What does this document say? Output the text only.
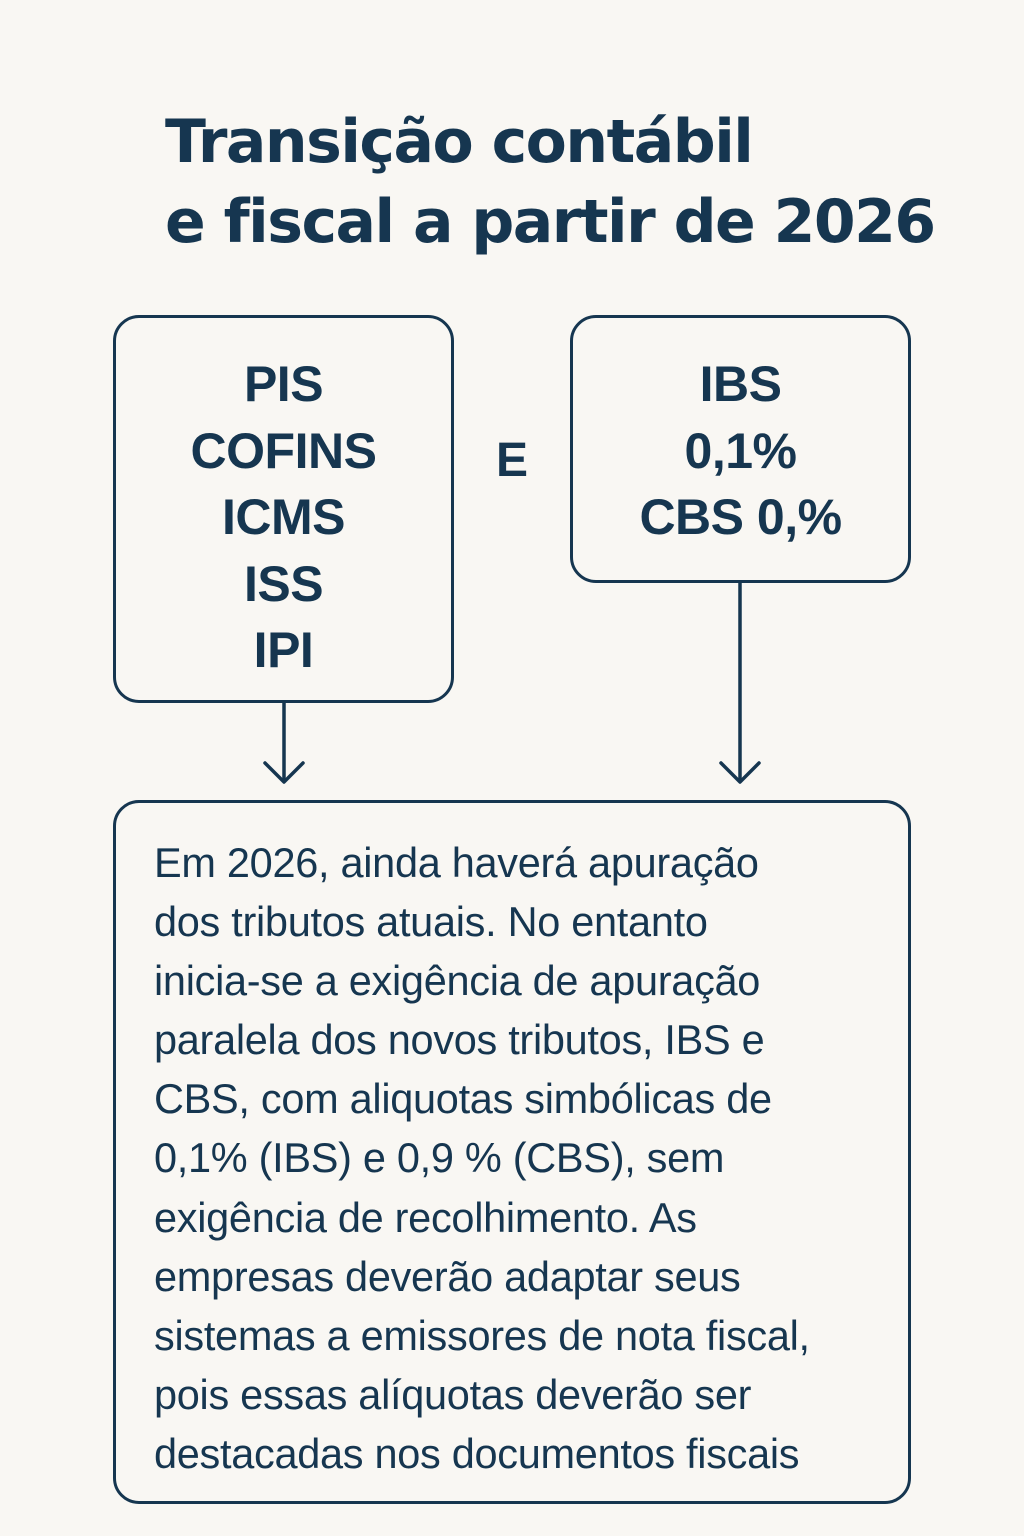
Transição contábil
e fiscal a partir de 2026
PIS
COFINS
ICMS
ISS
IPI
E
IBS
0,1%
CBS 0,%
Em 2026, ainda haverá apuração
dos tributos atuais. No entanto
inicia-se a exigência de apuração
paralela dos novos tributos, IBS e
CBS, com aliquotas simbólicas de
0,1% (IBS) e 0,9 % (CBS), sem
exigência de recolhimento. As
empresas deverão adaptar seus
sistemas a emissores de nota fiscal,
pois essas alíquotas deverão ser
destacadas nos documentos fiscais
